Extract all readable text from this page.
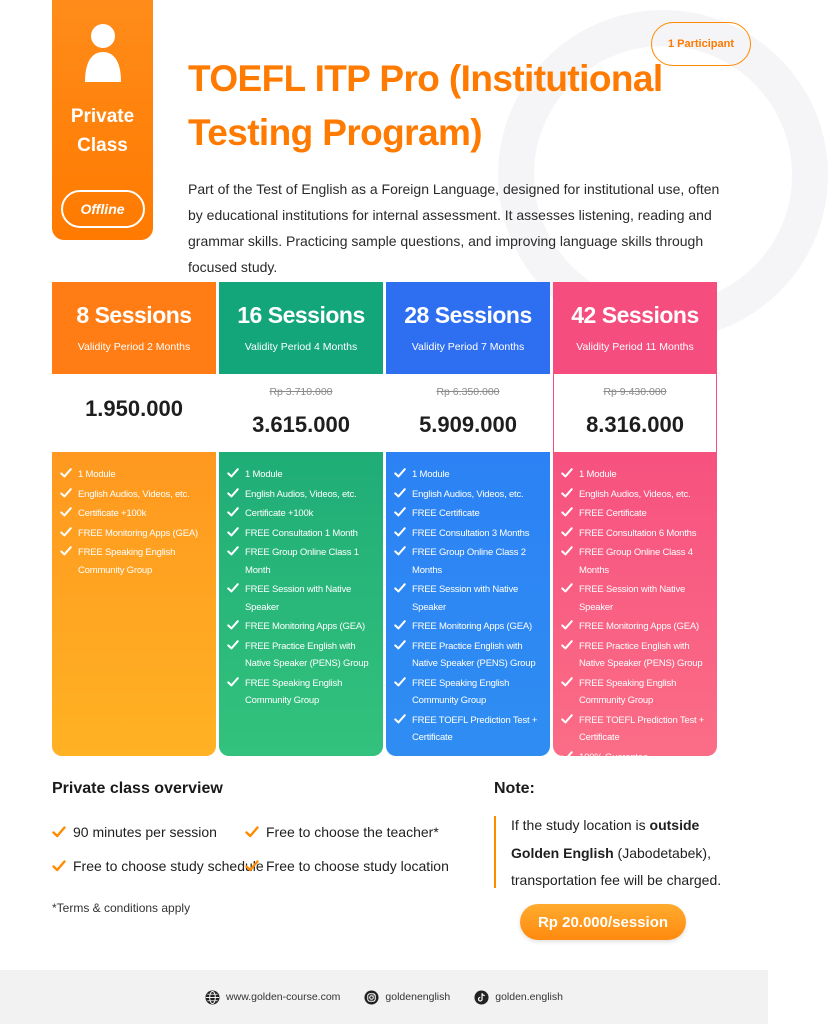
Private
Class
Offline
1 Participant
TOEFL ITP Pro (Institutional Testing Program)

Part of the Test of English as a Foreign Language, designed for institutional use, often by educational institutions for internal assessment. It assesses listening, reading and grammar skills. Practicing sample questions, and improving language skills through focused study.

8 Sessions
Validity Period 2 Months
1.950.000
1 Module
English Audios, Videos, etc.
Certificate +100k
FREE Monitoring Apps (GEA)
FREE Speaking English Community Group
16 Sessions
Validity Period 4 Months
Rp 3.710.000
3.615.000
1 Module
English Audios, Videos, etc.
Certificate +100k
FREE Consultation 1 Month
FREE Group Online Class 1 Month
FREE Session with Native Speaker
FREE Monitoring Apps (GEA)
FREE Practice English with Native Speaker (PENS) Group
FREE Speaking English Community Group
28 Sessions
Validity Period 7 Months
Rp 6.350.000
5.909.000
1 Module
English Audios, Videos, etc.
FREE Certificate
FREE Consultation 3 Months
FREE Group Online Class 2 Months
FREE Session with Native Speaker
FREE Monitoring Apps (GEA)
FREE Practice English with Native Speaker (PENS) Group
FREE Speaking English Community Group
FREE TOEFL Prediction Test + Certificate
42 Sessions
Validity Period 11 Months
Rp 9.430.000
8.316.000
1 Module
English Audios, Videos, etc.
FREE Certificate
FREE Consultation 6 Months
FREE Group Online Class 4 Months
FREE Session with Native Speaker
FREE Monitoring Apps (GEA)
FREE Practice English with Native Speaker (PENS) Group
FREE Speaking English Community Group
FREE TOEFL Prediction Test + Certificate
100% Guarantee
Private class overview
90 minutes per session	Free to choose the teacher*
Free to choose study schedule Free to choose study location
*Terms & conditions apply
Note:
If the study location is outside Golden English (Jabodetabek), transportation fee will be charged.
Rp 20.000/session
www.golden-course.com	goldenenglish	golden.english
